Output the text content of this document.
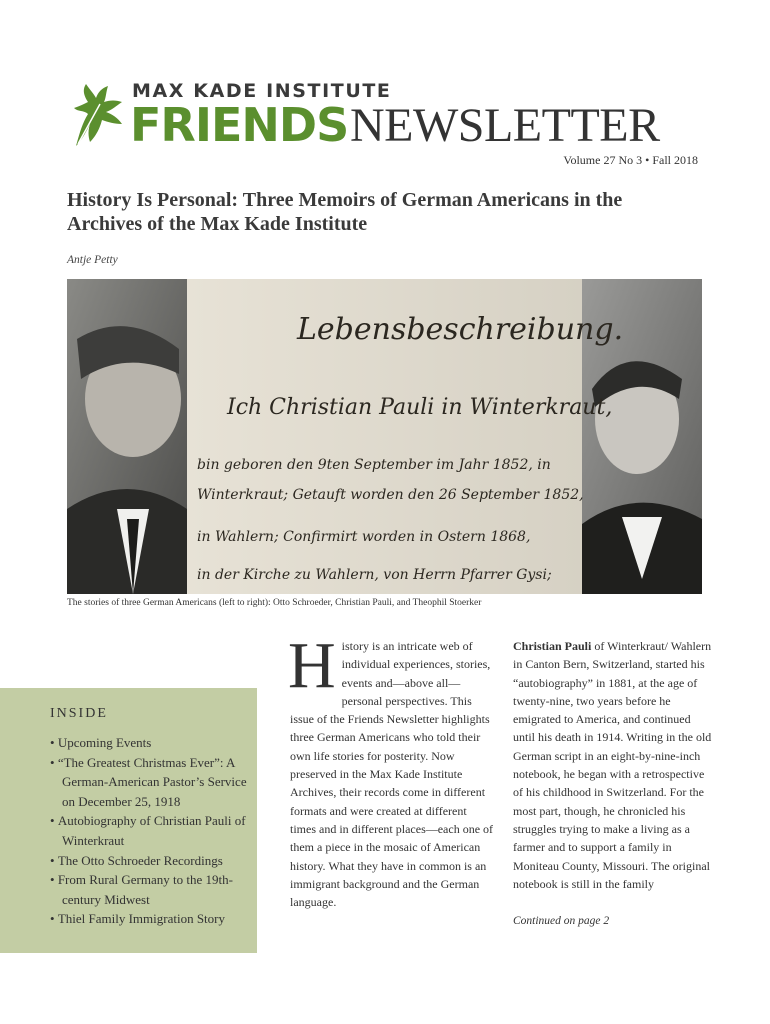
MAX KADE INSTITUTE
FRIENDS NEWSLETTER
Volume 27 No 3 • Fall 2018
History Is Personal: Three Memoirs of German Americans in the Archives of the Max Kade Institute
Antje Petty
Lebensbeschreibung.
Ich Christian Pauli in Winterkraut,
bin geboren den 9ten September im Jahr 1852, in
Winterkraut; Getauft worden den 26 September 1852,
in Wahlern; Confirmirt worden in Ostern 1868,
in der Kirche zu Wahlern, von Herrn Pfarrer Gysi;
The stories of three German Americans (left to right): Otto Schroeder, Christian Pauli, and Theophil Stoerker
INSIDE
• Upcoming Events
• “The Greatest Christmas Ever”: A German-American Pastor’s Service on December 25, 1918
• Autobiography of Christian Pauli of Winterkraut
• The Otto Schroeder Recordings
• From Rural Germany to the 19th-century Midwest
• Thiel Family Immigration Story
History is an intricate web of individual experiences, stories, events and—above all—personal perspectives. This issue of the Friends Newsletter highlights three German Americans who told their own life stories for posterity. Now preserved in the Max Kade Institute Archives, their records come in different formats and were created at different times and in different places—each one of them a piece in the mosaic of American history. What they have in common is an immigrant background and the German language.
Christian Pauli of Winterkraut/ Wahlern in Canton Bern, Switzerland, started his “autobiography” in 1881, at the age of twenty-nine, two years before he emigrated to America, and continued until his death in 1914. Writing in the old German script in an eight-by-nine-inch notebook, he began with a retrospective of his childhood in Switzerland. For the most part, though, he chronicled his struggles trying to make a living as a farmer and to support a family in Moniteau County, Missouri. The original notebook is still in the family
Continued on page 2
